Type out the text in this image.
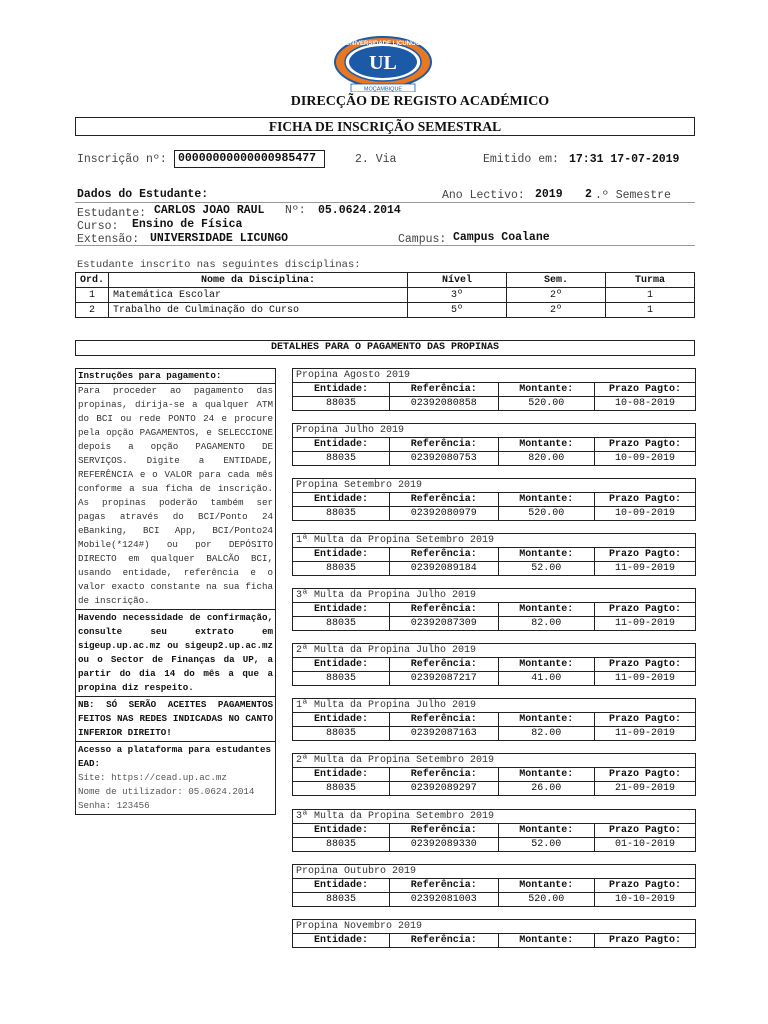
UL
UNIVERSIDADE LICUNGO
MOÇAMBIQUE
DIRECÇÃO DE REGISTO ACADÉMICO
FICHA DE INSCRIÇÃO SEMESTRAL
Inscrição nº: 00000000000000985477	2. Via	Emitido em: 17:31 17-07-2019
Dados do Estudante:	Ano Lectivo: 2019 2 .º Semestre
Estudante: CARLOS JOAO RAUL Nº: 05.0624.2014
Curso: Ensino de Física
Extensão: UNIVERSIDADE LICUNGO	Campus: Campus Coalane
Estudante inscrito nas seguintes disciplinas:
Ord.	Nome da Disciplina:	Nível	Sem.	Turma
1	Matemática Escolar	3º	2º	1
2	Trabalho de Culminação do Curso	5º	2º	1
DETALHES PARA O PAGAMENTO DAS PROPINAS
Instruções para pagamento:
Para proceder ao pagamento das propinas, dirija-se a qualquer ATM do BCI ou rede PONTO 24 e procure pela opção PAGAMENTOS, e SELECCIONE depois a opção PAGAMENTO DE SERVIÇOS. Digite a ENTIDADE, REFERÊNCIA e o VALOR para cada mês conforme a sua ficha de inscrição. As propinas poderão também ser pagas através do BCI/Ponto 24 eBanking, BCI App, BCI/Ponto24 Mobile(*124#) ou por DEPÓSITO DIRECTO em qualquer BALCÃO BCI, usando entidade, referência e o valor exacto constante na sua ficha de inscrição.
Havendo necessidade de confirmação, consulte seu extrato em sigeup.up.ac.mz ou sigeup2.up.ac.mz ou o Sector de Finanças da UP, a partir do dia 14 do mês a que a propina diz respeito.
NB: SÓ SERÃO ACEITES PAGAMENTOS FEITOS NAS REDES INDICADAS NO CANTO INFERIOR DIREITO!
Acesso a plataforma para estudantes EAD:
Site: https://cead.up.ac.mz
Nome de utilizador: 05.0624.2014
Senha: 123456
Propina Agosto 2019
Entidade:	Referência:	Montante:	Prazo Pagto:
88035	02392080858	520.00	10-08-2019
Propina Julho 2019
Entidade:	Referência:	Montante:	Prazo Pagto:
88035	02392080753	820.00	10-09-2019
Propina Setembro 2019
Entidade:	Referência:	Montante:	Prazo Pagto:
88035	02392080979	520.00	10-09-2019
1ª Multa da Propina Setembro 2019
Entidade:	Referência:	Montante:	Prazo Pagto:
88035	02392089184	52.00	11-09-2019
3ª Multa da Propina Julho 2019
Entidade:	Referência:	Montante:	Prazo Pagto:
88035	02392087309	82.00	11-09-2019
2ª Multa da Propina Julho 2019
Entidade:	Referência:	Montante:	Prazo Pagto:
88035	02392087217	41.00	11-09-2019
1ª Multa da Propina Julho 2019
Entidade:	Referência:	Montante:	Prazo Pagto:
88035	02392087163	82.00	11-09-2019
2ª Multa da Propina Setembro 2019
Entidade:	Referência:	Montante:	Prazo Pagto:
88035	02392089297	26.00	21-09-2019
3ª Multa da Propina Setembro 2019
Entidade:	Referência:	Montante:	Prazo Pagto:
88035	02392089330	52.00	01-10-2019
Propina Outubro 2019
Entidade:	Referência:	Montante:	Prazo Pagto:
88035	02392081003	520.00	10-10-2019
Propina Novembro 2019
Entidade:	Referência:	Montante:	Prazo Pagto:
